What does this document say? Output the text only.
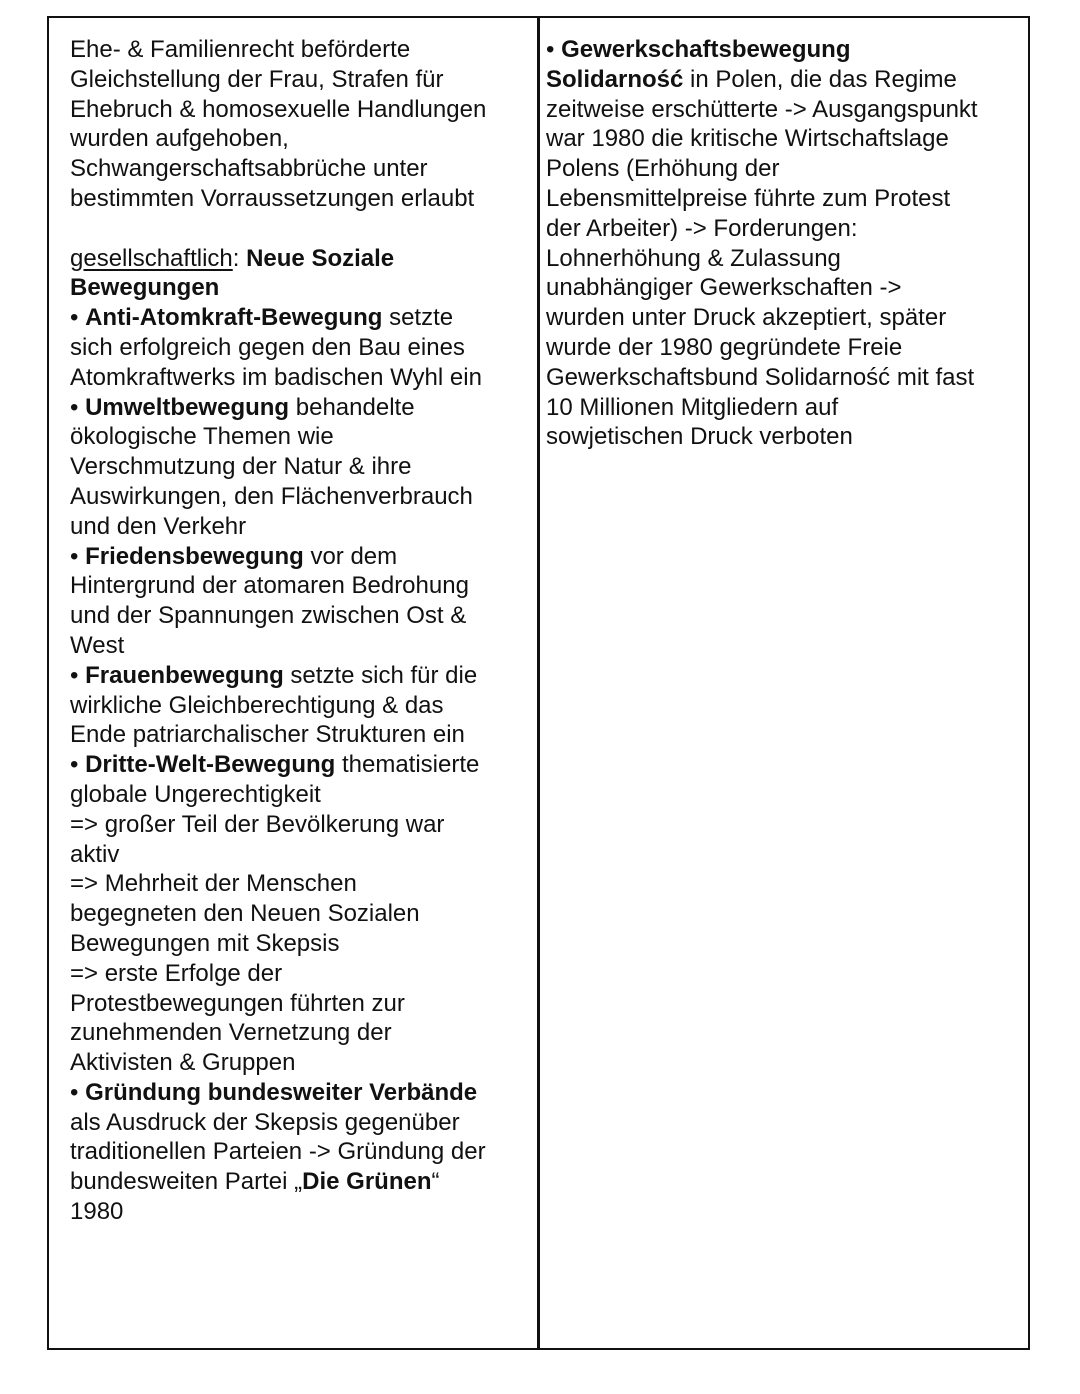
Ehe- & Familienrecht beförderte

Gleichstellung der Frau, Strafen für

Ehebruch & homosexuelle Handlungen

wurden aufgehoben,

Schwangerschaftsabbrüche unter

bestimmten Vorraussetzungen erlaubt

gesellschaftlich: Neue Soziale

Bewegungen

• Anti-Atomkraft-Bewegung setzte

sich erfolgreich gegen den Bau eines

Atomkraftwerks im badischen Wyhl ein

• Umweltbewegung behandelte

ökologische Themen wie

Verschmutzung der Natur & ihre

Auswirkungen, den Flächenverbrauch

und den Verkehr

• Friedensbewegung vor dem

Hintergrund der atomaren Bedrohung

und der Spannungen zwischen Ost &

West

• Frauenbewegung setzte sich für die

wirkliche Gleichberechtigung & das

Ende patriarchalischer Strukturen ein

• Dritte-Welt-Bewegung thematisierte

globale Ungerechtigkeit

=> großer Teil der Bevölkerung war

aktiv

=> Mehrheit der Menschen

begegneten den Neuen Sozialen

Bewegungen mit Skepsis

=> erste Erfolge der

Protestbewegungen führten zur

zunehmenden Vernetzung der

Aktivisten & Gruppen

• Gründung bundesweiter Verbände

als Ausdruck der Skepsis gegenüber

traditionellen Parteien -> Gründung der

bundesweiten Partei „Die Grünen“

1980

• Gewerkschaftsbewegung

Solidarność in Polen, die das Regime

zeitweise erschütterte -> Ausgangspunkt

war 1980 die kritische Wirtschaftslage

Polens (Erhöhung der

Lebensmittelpreise führte zum Protest

der Arbeiter) -> Forderungen:

Lohnerhöhung & Zulassung

unabhängiger Gewerkschaften ->

wurden unter Druck akzeptiert, später

wurde der 1980 gegründete Freie

Gewerkschaftsbund Solidarność mit fast

10 Millionen Mitgliedern auf

sowjetischen Druck verboten
